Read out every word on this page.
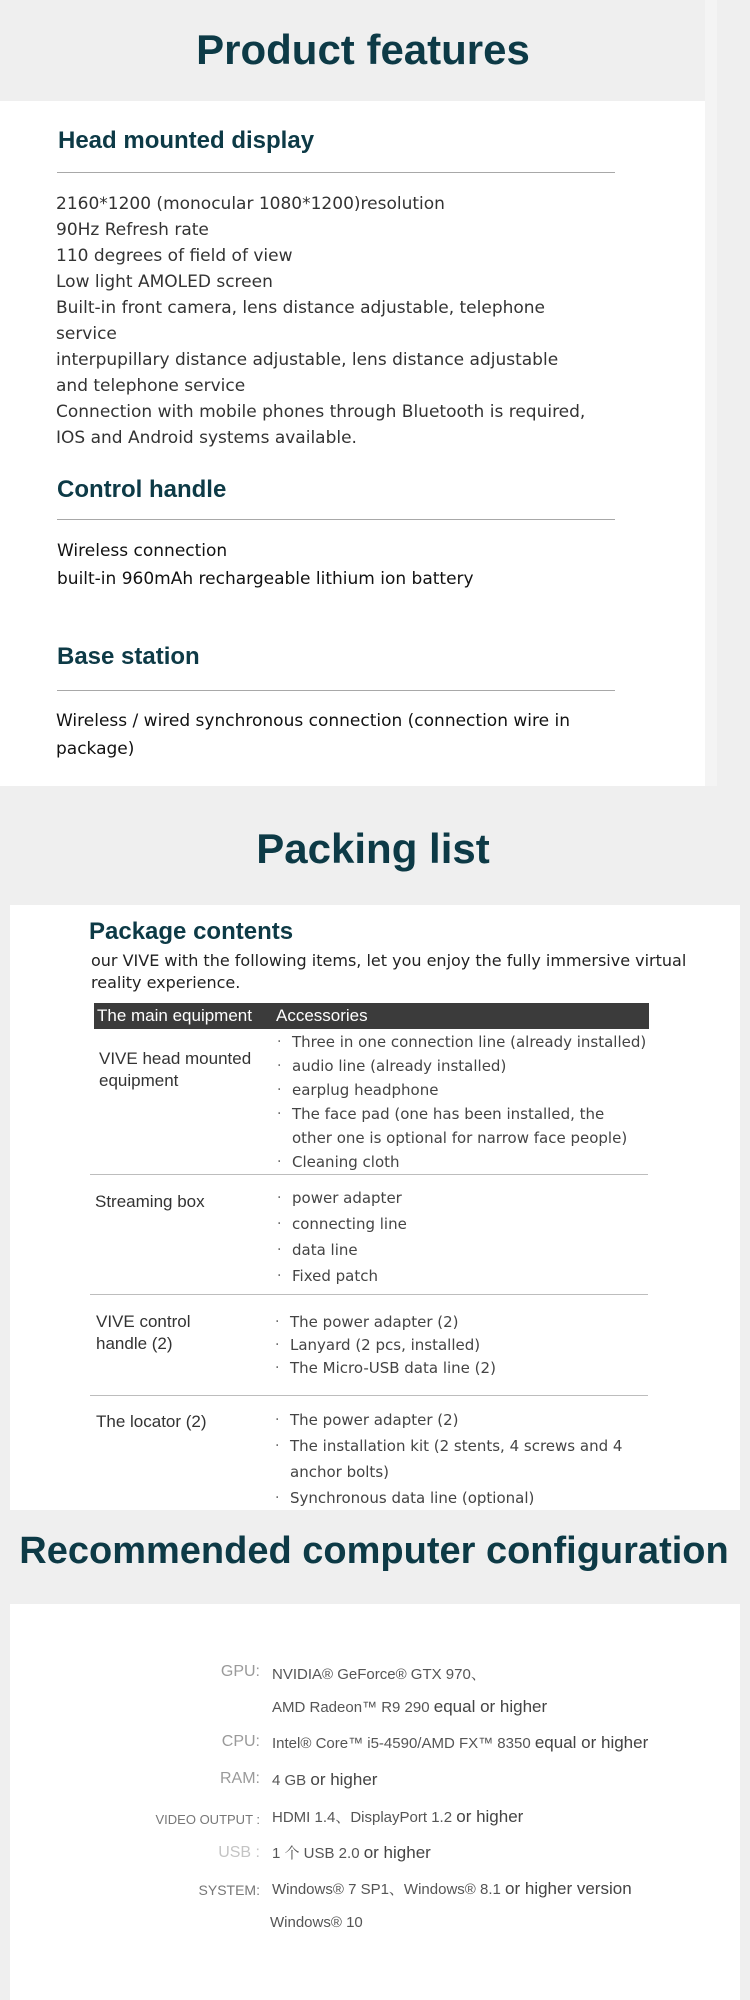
Product features
Head mounted display
2160*1200 (monocular 1080*1200)resolution
90Hz Refresh rate
110 degrees of field of view
Low light AMOLED screen
Built-in front camera, lens distance adjustable, telephone
service
interpupillary distance adjustable, lens distance adjustable
and telephone service
Connection with mobile phones through Bluetooth is required,
IOS and Android systems available.
Control handle
Wireless connection
built-in 960mAh rechargeable lithium ion battery
Base station
Wireless / wired synchronous connection (connection wire in
package)
Packing list
Package contents
our VIVE with the following items, let you enjoy the fully immersive virtual
reality experience.
The main equipment Accessories
VIVE head mounted
equipment
· Three in one connection line (already installed)
· audio line (already installed)
· earplug headphone
· The face pad (one has been installed, the other one is optional for narrow face people)
· Cleaning cloth
Streaming box	· power adapter
· connecting line
· data line
· Fixed patch
VIVE control
handle (2)
· The power adapter (2)
· Lanyard (2 pcs, installed)
· The Micro-USB data line (2)
The locator (2)	· The power adapter (2)
· The installation kit (2 stents, 4 screws and 4 anchor bolts)
· Synchronous data line (optional)
Recommended computer configuration
GPU: NVIDIA® GeForce® GTX 970、
AMD Radeon™ R9 290 equal or higher
CPU: Intel® Core™ i5-4590/AMD FX™ 8350 equal or higher
RAM: 4 GB or higher
VIDEO OUTPUT : HDMI 1.4、DisplayPort 1.2 or higher
USB : 1 个 USB 2.0 or higher
SYSTEM: Windows® 7 SP1、Windows® 8.1 or higher version
Windows® 10
